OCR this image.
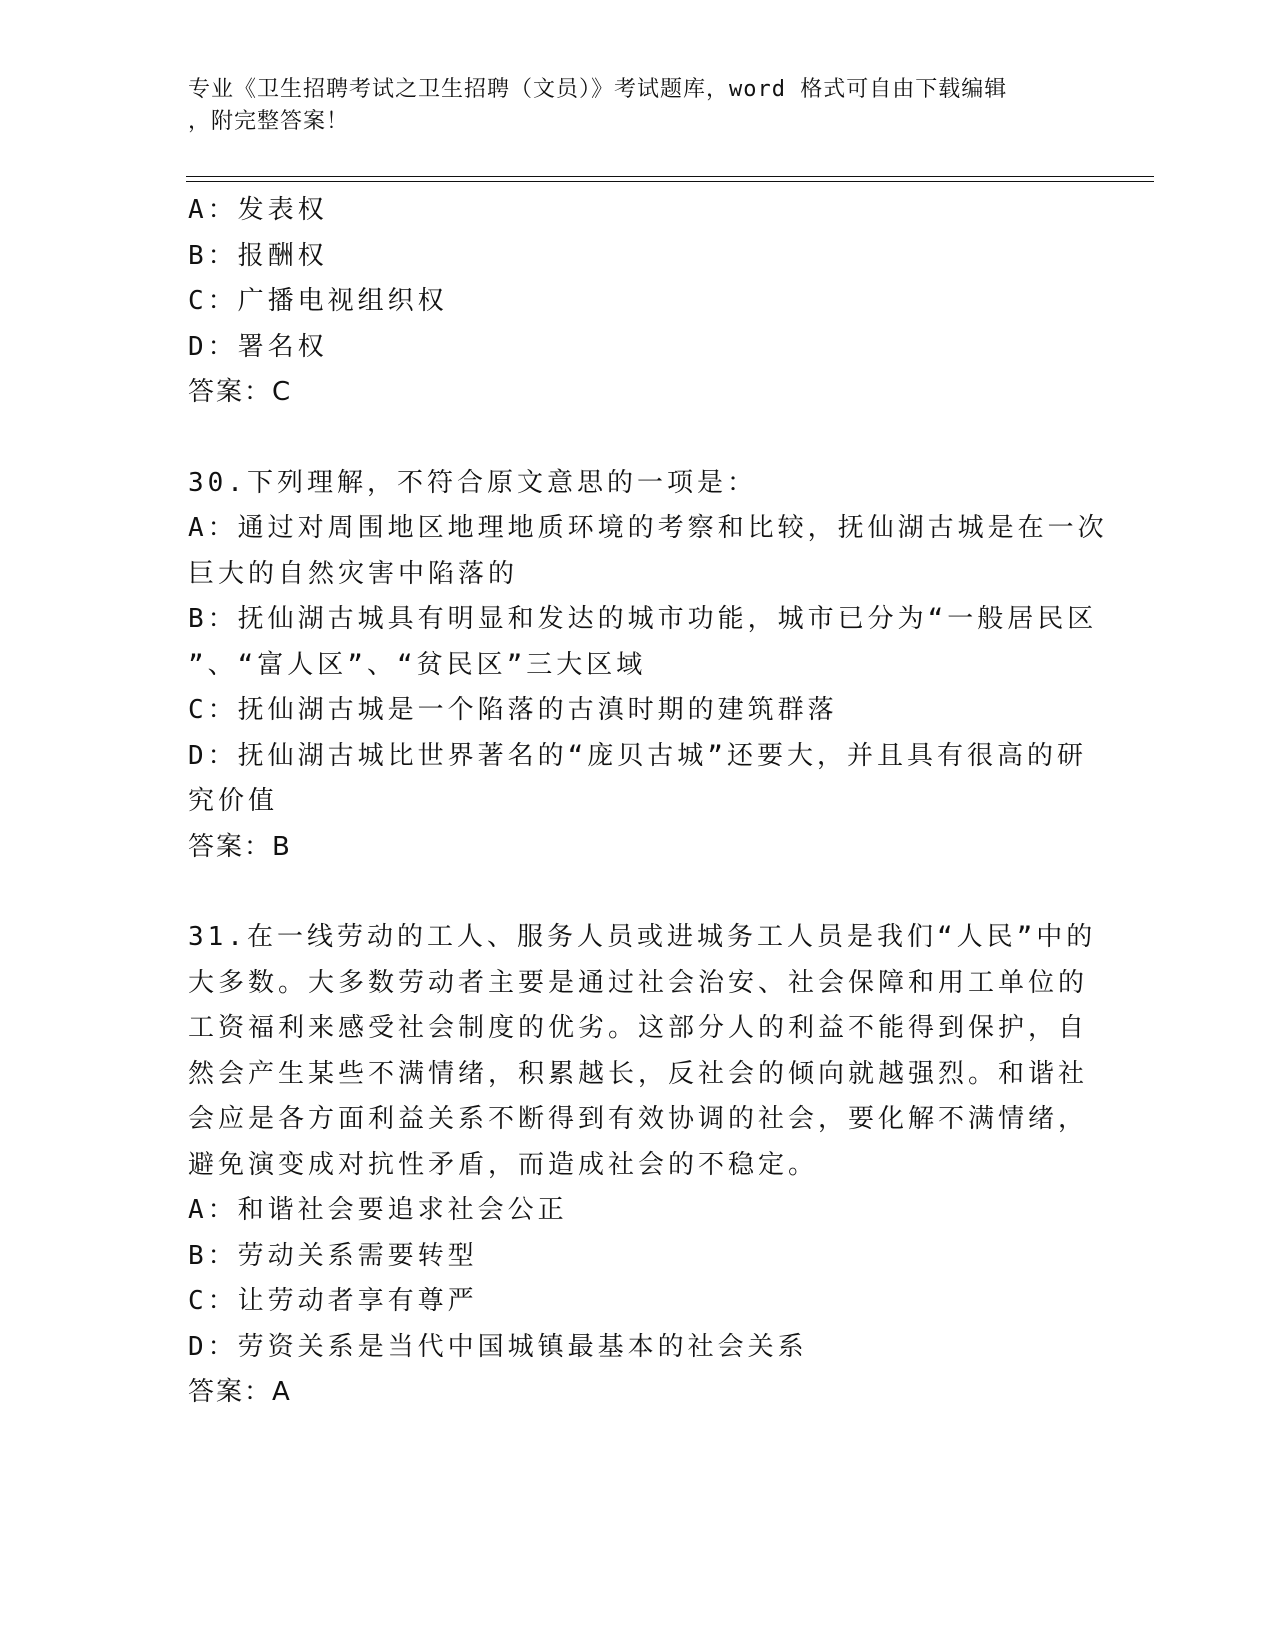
专业《卫生招聘考试之卫生招聘（文员）》考试题库，word 格式可自由下载编辑
，附完整答案！
A：发表权
B：报酬权
C：广播电视组织权
D：署名权
答案：C
30.下列理解，不符合原文意思的一项是：
A：通过对周围地区地理地质环境的考察和比较，抚仙湖古城是在一次
巨大的自然灾害中陷落的
B：抚仙湖古城具有明显和发达的城市功能，城市已分为“一般居民区
”、“富人区”、“贫民区”三大区域
C：抚仙湖古城是一个陷落的古滇时期的建筑群落
D：抚仙湖古城比世界著名的“庞贝古城”还要大，并且具有很高的研
究价值
答案：B
31.在一线劳动的工人、服务人员或进城务工人员是我们“人民”中的
大多数。大多数劳动者主要是通过社会治安、社会保障和用工单位的
工资福利来感受社会制度的优劣。这部分人的利益不能得到保护，自
然会产生某些不满情绪，积累越长，反社会的倾向就越强烈。和谐社
会应是各方面利益关系不断得到有效协调的社会，要化解不满情绪，
避免演变成对抗性矛盾，而造成社会的不稳定。
A：和谐社会要追求社会公正
B：劳动关系需要转型
C：让劳动者享有尊严
D：劳资关系是当代中国城镇最基本的社会关系
答案：A
